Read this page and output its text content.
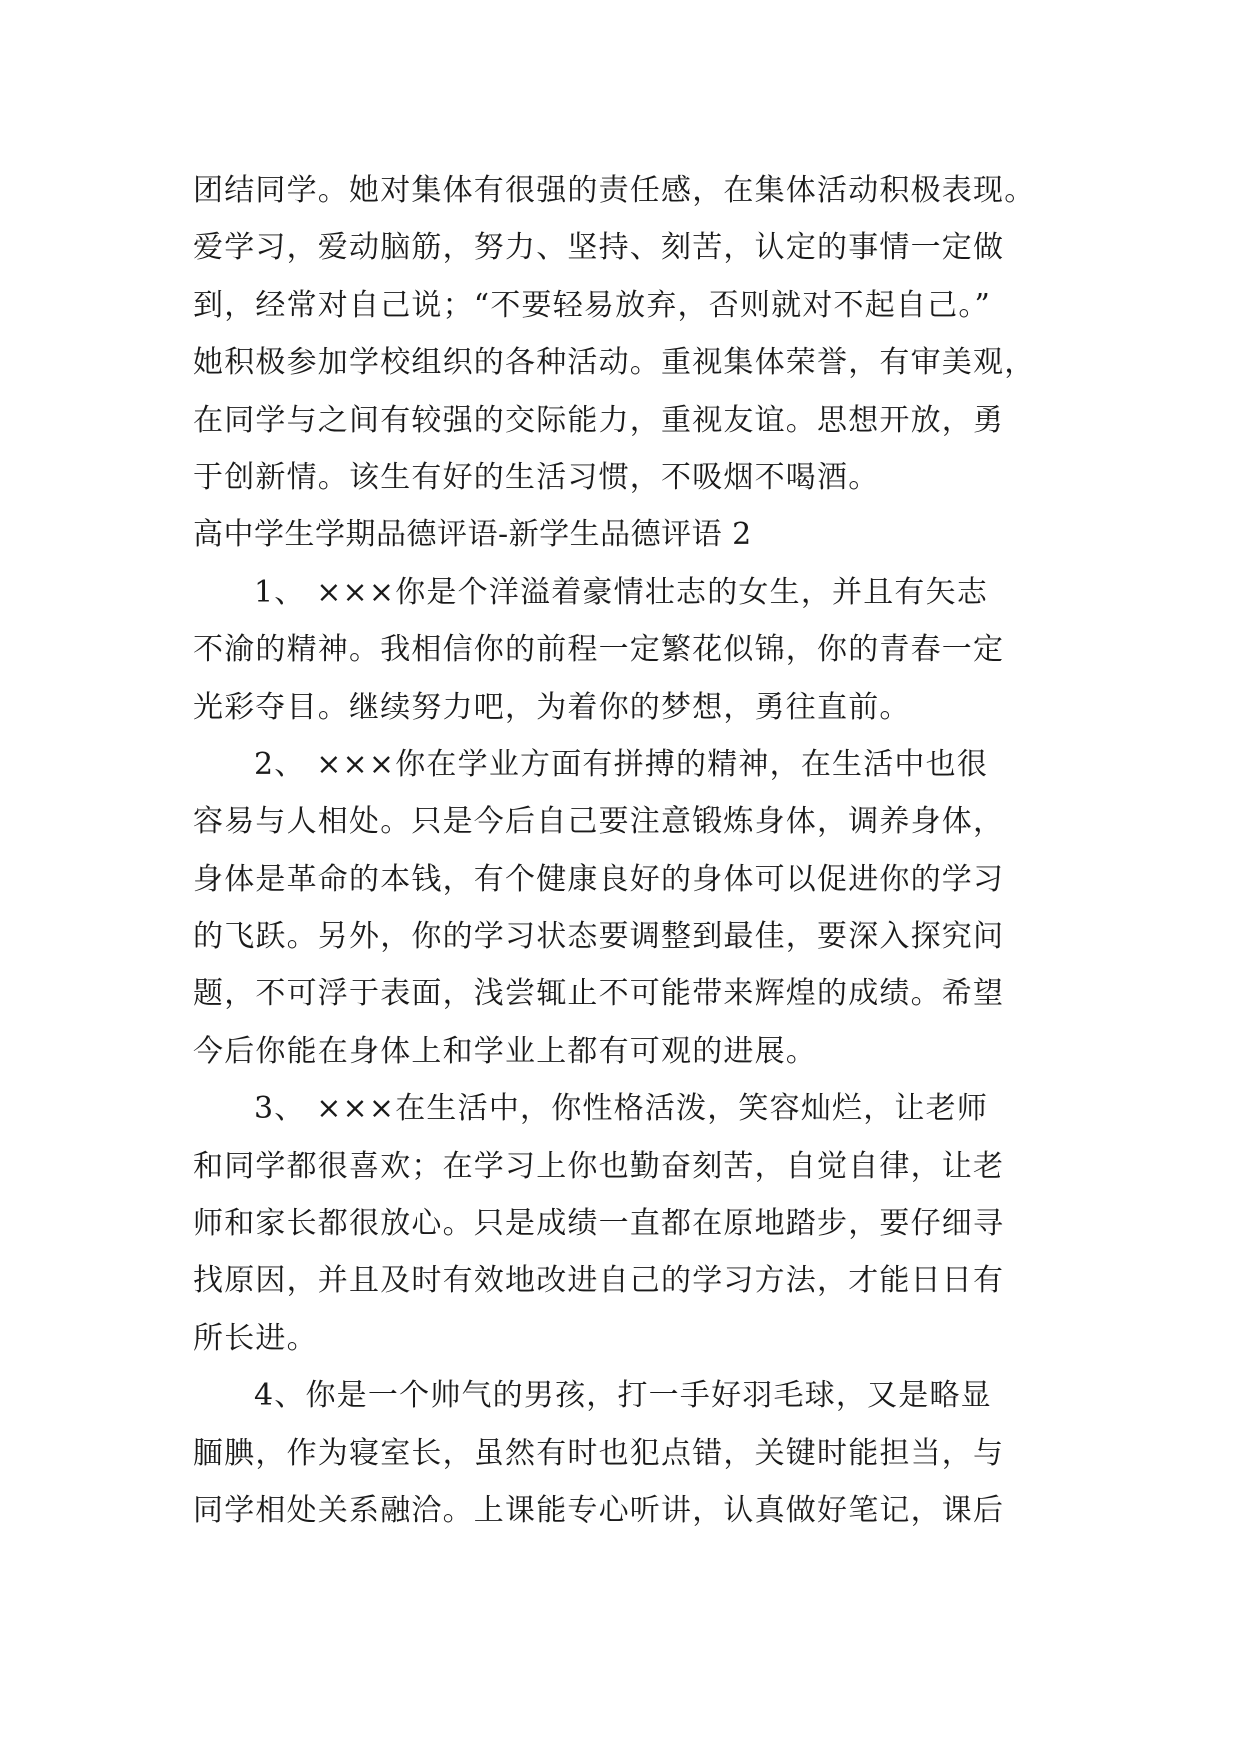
团结同学。她对集体有很强的责任感，在集体活动积极表现。
爱学习，爱动脑筋，努力、坚持、刻苦，认定的事情一定做
到，经常对自己说；“不要轻易放弃，否则就对不起自己。”
她积极参加学校组织的各种活动。重视集体荣誉，有审美观，
在同学与之间有较强的交际能力，重视友谊。思想开放，勇
于创新情。该生有好的生活习惯，不吸烟不喝酒。
高中学生学期品德评语-新学生品德评语 2
1、 ×××你是个洋溢着豪情壮志的女生，并且有矢志
不渝的精神。我相信你的前程一定繁花似锦，你的青春一定
光彩夺目。继续努力吧，为着你的梦想，勇往直前。
2、 ×××你在学业方面有拼搏的精神，在生活中也很
容易与人相处。只是今后自己要注意锻炼身体，调养身体，
身体是革命的本钱，有个健康良好的身体可以促进你的学习
的飞跃。另外，你的学习状态要调整到最佳，要深入探究问
题，不可浮于表面，浅尝辄止不可能带来辉煌的成绩。希望
今后你能在身体上和学业上都有可观的进展。
3、 ×××在生活中，你性格活泼，笑容灿烂，让老师
和同学都很喜欢；在学习上你也勤奋刻苦，自觉自律，让老
师和家长都很放心。只是成绩一直都在原地踏步，要仔细寻
找原因，并且及时有效地改进自己的学习方法，才能日日有
所长进。
4、你是一个帅气的男孩，打一手好羽毛球，又是略显
腼腆，作为寝室长，虽然有时也犯点错，关键时能担当，与
同学相处关系融洽。上课能专心听讲，认真做好笔记，课后
